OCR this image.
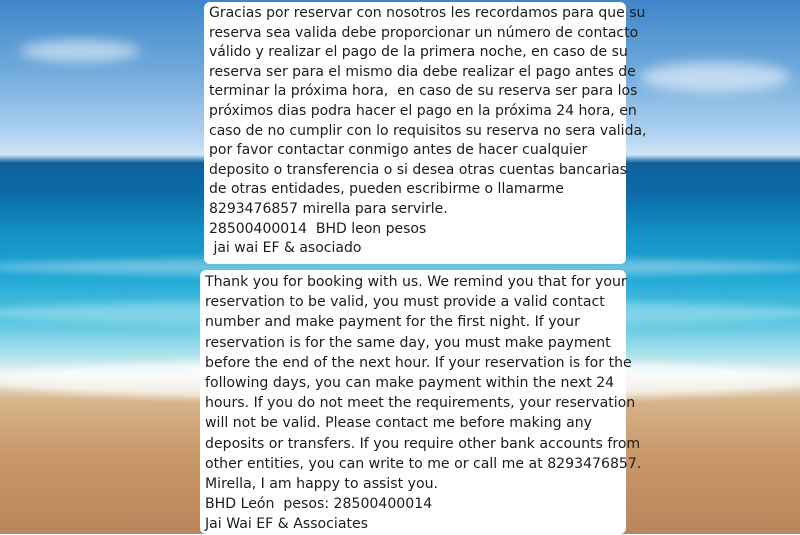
Gracias por reservar con nosotros les recordamos para que su
reserva sea valida debe proporcionar un número de contacto
válido y realizar el pago de la primera noche, en caso de su
reserva ser para el mismo dia debe realizar el pago antes de
terminar la próxima hora,  en caso de su reserva ser para los
próximos dias podra hacer el pago en la próxima 24 hora, en
caso de no cumplir con lo requisitos su reserva no sera valida,
por favor contactar conmigo antes de hacer cualquier
deposito o transferencia o si desea otras cuentas bancarias
de otras entidades, pueden escribirme o llamarme
8293476857 mirella para servirle.
28500400014  BHD leon pesos
jai wai EF & asociado
Thank you for booking with us. We remind you that for your
reservation to be valid, you must provide a valid contact
number and make payment for the first night. If your
reservation is for the same day, you must make payment
before the end of the next hour. If your reservation is for the
following days, you can make payment within the next 24
hours. If you do not meet the requirements, your reservation
will not be valid. Please contact me before making any
deposits or transfers. If you require other bank accounts from
other entities, you can write to me or call me at 8293476857.
Mirella, I am happy to assist you.
BHD León  pesos: 28500400014
Jai Wai EF & Associates
